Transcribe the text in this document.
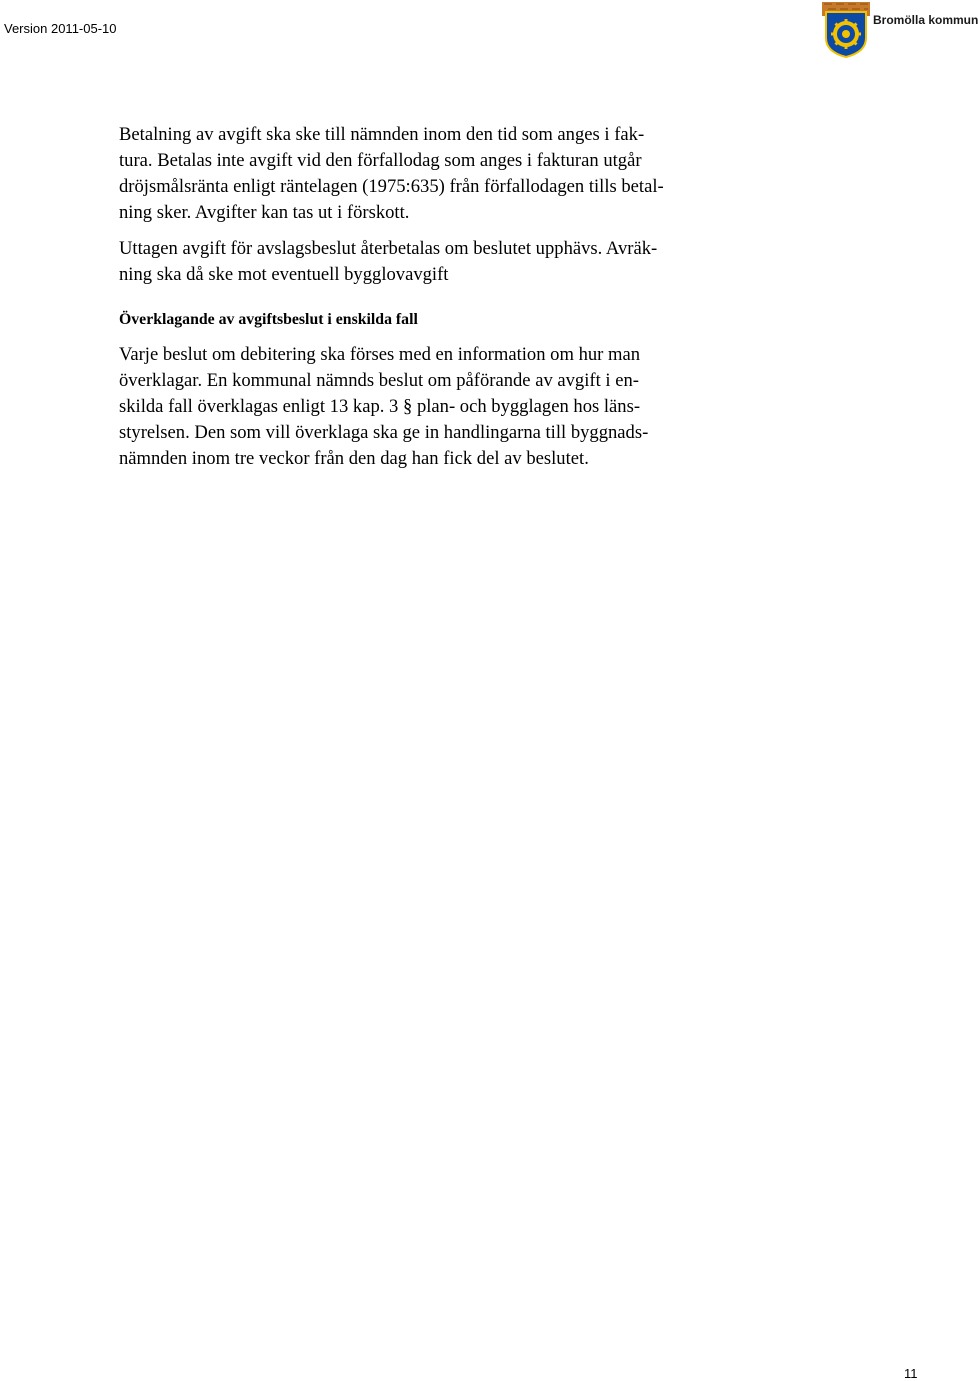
Version 2011-05-10
Bromölla kommun
Betalning av avgift ska ske till nämnden inom den tid som anges i fak-
tura. Betalas inte avgift vid den förfallodag som anges i fakturan utgår
dröjsmålsränta enligt räntelagen (1975:635) från förfallodagen tills betal-
ning sker. Avgifter kan tas ut i förskott.
Uttagen avgift för avslagsbeslut återbetalas om beslutet upphävs. Avräk-
ning ska då ske mot eventuell bygglovavgift
Överklagande av avgiftsbeslut i enskilda fall
Varje beslut om debitering ska förses med en information om hur man
överklagar. En kommunal nämnds beslut om påförande av avgift i en-
skilda fall överklagas enligt 13 kap. 3 § plan- och bygglagen hos läns-
styrelsen. Den som vill överklaga ska ge in handlingarna till byggnads-
nämnden inom tre veckor från den dag han fick del av beslutet.
11
